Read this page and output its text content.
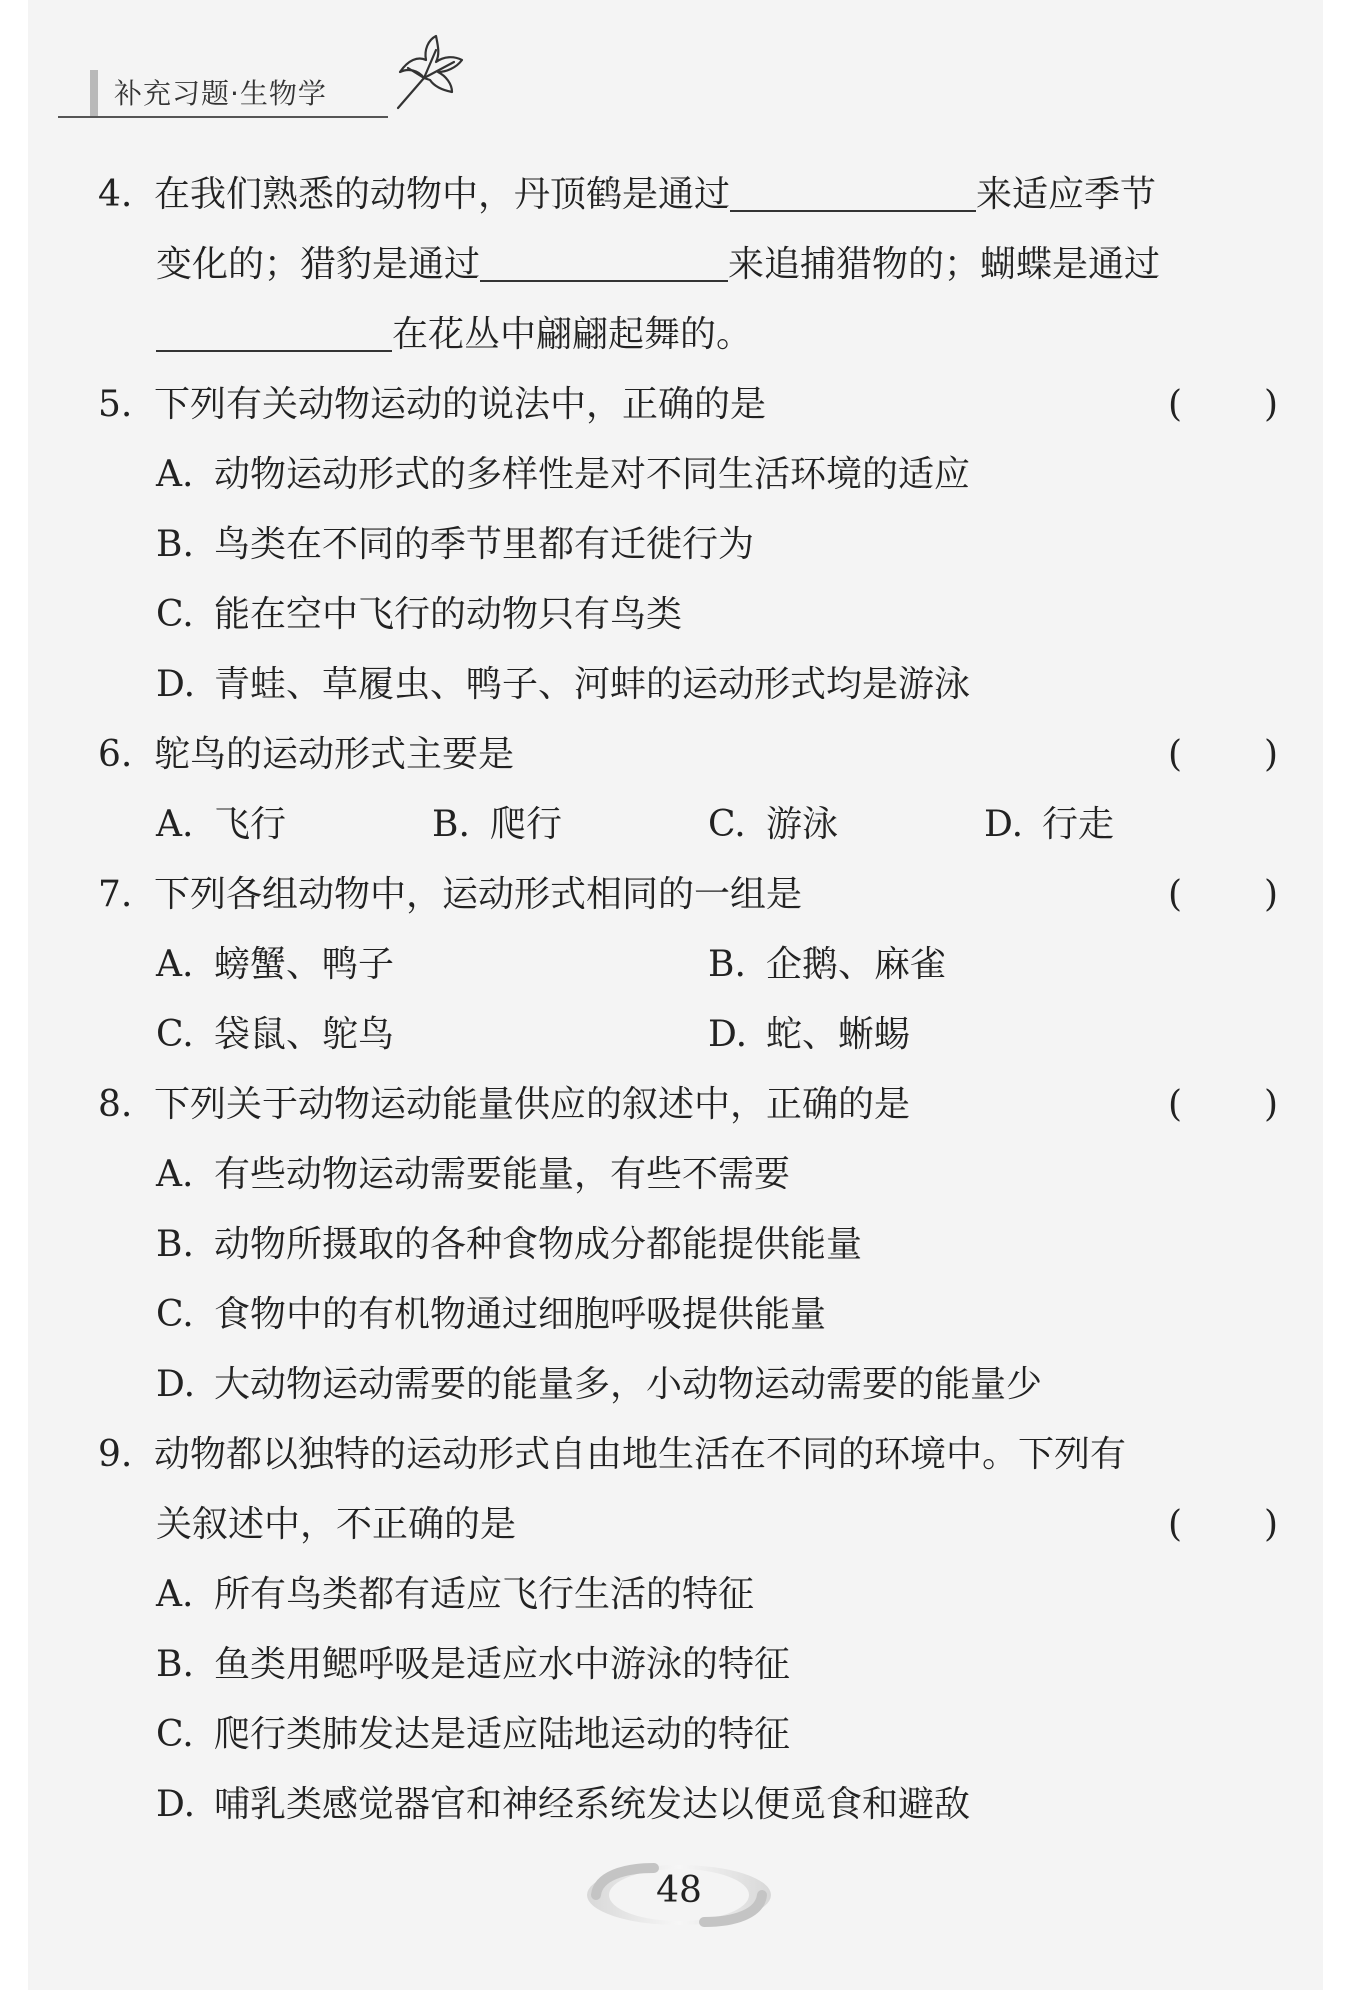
补充习题·生物学
4. 在我们熟悉的动物中，丹顶鹤是通过	来适应季节
变化的；猎豹是通过	来追捕猎物的；蝴蝶是通过
在花丛中翩翩起舞的。
5. 下列有关动物运动的说法中，正确的是	( )
A. 动物运动形式的多样性是对不同生活环境的适应
B. 鸟类在不同的季节里都有迁徙行为
C. 能在空中飞行的动物只有鸟类
D. 青蛙、草履虫、鸭子、河蚌的运动形式均是游泳
6. 鸵鸟的运动形式主要是	( )
A. 飞行	B. 爬行	C. 游泳	D. 行走
7. 下列各组动物中，运动形式相同的一组是	( )
A. 螃蟹、鸭子	B. 企鹅、麻雀
C. 袋鼠、鸵鸟	D. 蛇、蜥蜴
8. 下列关于动物运动能量供应的叙述中，正确的是	( )
A. 有些动物运动需要能量，有些不需要
B. 动物所摄取的各种食物成分都能提供能量
C. 食物中的有机物通过细胞呼吸提供能量
D. 大动物运动需要的能量多，小动物运动需要的能量少
9. 动物都以独特的运动形式自由地生活在不同的环境中。下列有
关叙述中，不正确的是	( )
A. 所有鸟类都有适应飞行生活的特征
B. 鱼类用鳃呼吸是适应水中游泳的特征
C. 爬行类肺发达是适应陆地运动的特征
D. 哺乳类感觉器官和神经系统发达以便觅食和避敌
48
